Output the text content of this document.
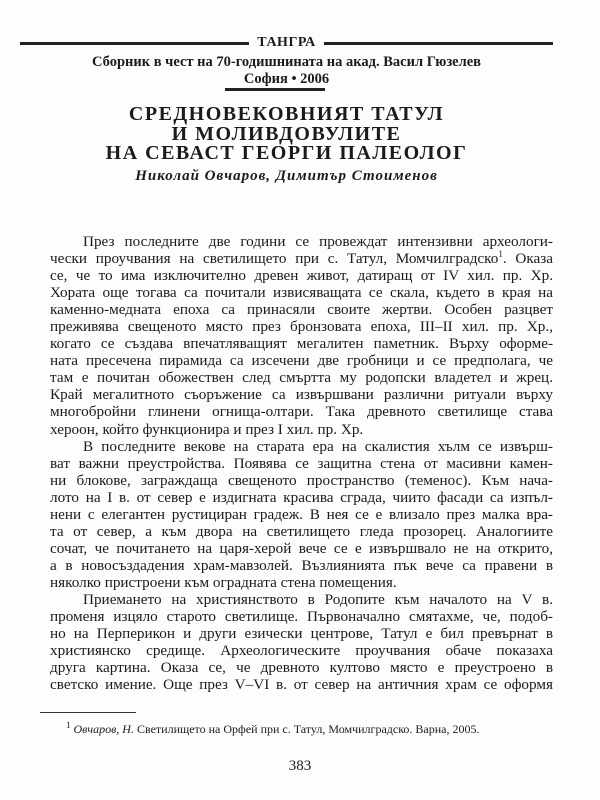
ТАНГРА
Сборник в чест на 70-годишнината на акад. Васил Гюзелев
София • 2006
СРЕДНОВЕКОВНИЯТ ТАТУЛ
И МОЛИВДОВУЛИТЕ
НА СЕВАСТ ГЕОРГИ ПАЛЕОЛОГ
Николай Овчаров, Димитър Стоименов
През последните две години се провеждат интензивни археологи-
чески проучвания на светилището при с. Татул, Момчилградско$^1$. Оказа
се, че то има изключително древен живот, датиращ от IV хил. пр. Хр.
Хората още тогава са почитали извисяващата се скала, където в края на
каменно-медната епоха са принасяли своите жертви. Особен разцвет
преживява свещеното място през бронзовата епоха, III–II хил. пр. Хр.,
когато се създава впечатляващият мегалитен паметник. Върху оформе-
ната пресечена пирамида са изсечени две гробници и се предполага, че
там е почитан обожествен след смъртта му родопски владетел и жрец.
Край мегалитното съоръжение са извършвани различни ритуали върху
многобройни глинени огнища-олтари. Така древното светилище става
хероон, който функционира и през I хил. пр. Хр.
В последните векове на старата ера на скалистия хълм се извърш-
ват важни преустройства. Появява се защитна стена от масивни камен-
ни блокове, заграждаща свещеното пространство (теменос). Към нача-
лото на I в. от север е издигната красива сграда, чиито фасади са изпъл-
нени с елегантен рустициран градеж. В нея се е влизало през малка вра-
та от север, а към двора на светилището гледа прозорец. Аналогиите
сочат, че почитането на царя-херой вече се е извършвало не на открито,
а в новосъздадения храм-мавзолей. Възлиянията пък вече са правени в
няколко пристроени към оградната стена помещения.
Приемането на християнството в Родопите към началото на V в.
променя изцяло старото светилище. Първоначално смятахме, че, подоб-
но на Перперикон и други езически центрове, Татул е бил превърнат в
християнско средище. Археологическите проучвания обаче показаха
друга картина. Оказа се, че древното култово място е преустроено в
светско имение. Още през V–VI в. от север на античния храм се оформя
$^1$ Овчаров, Н. Светилището на Орфей при с. Татул, Момчилградско. Варна, 2005.
383
